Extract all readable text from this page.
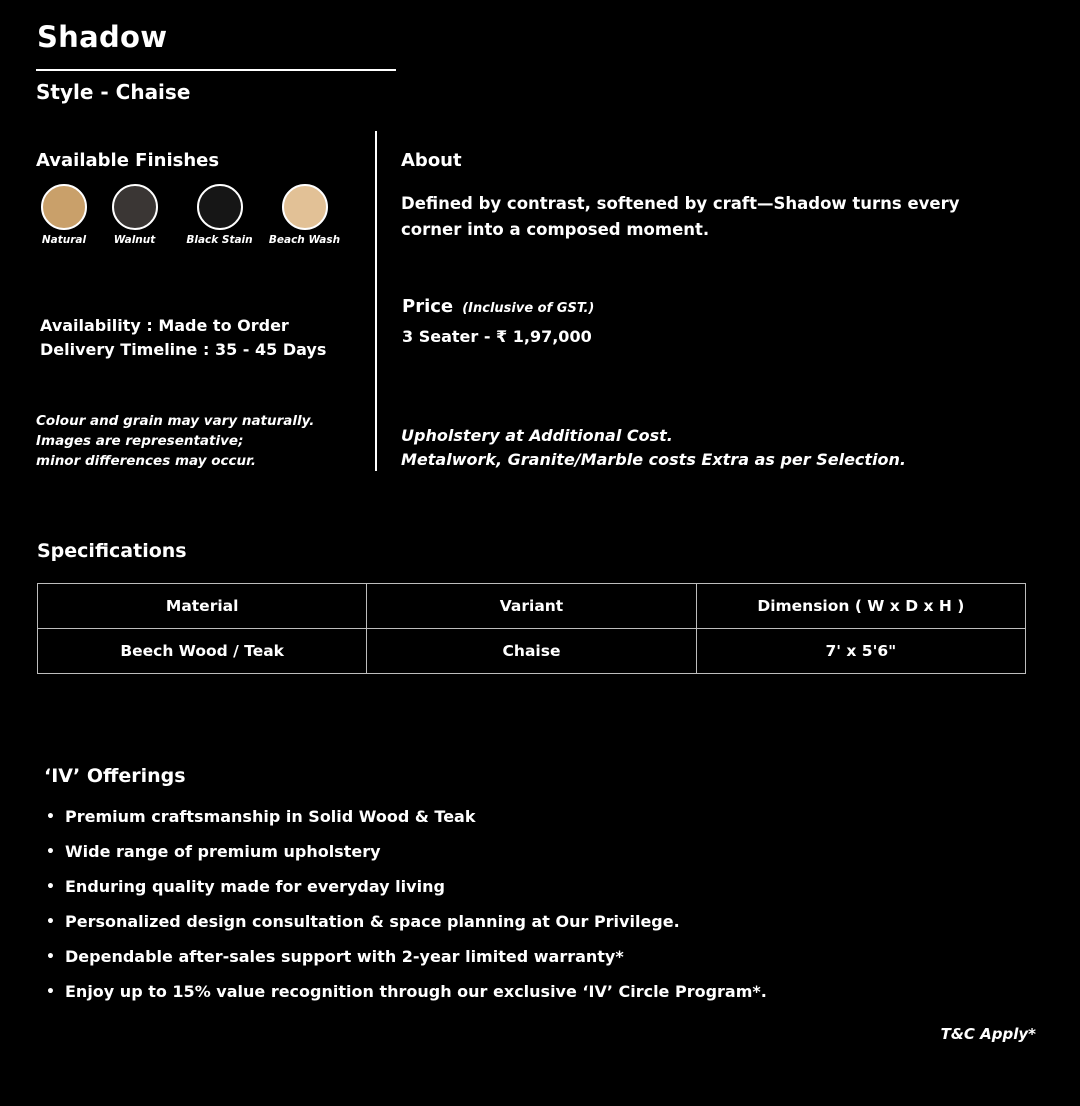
Shadow
Style - Chaise
Available Finishes
Natural	Walnut	Black Stain Beach Wash
Availability : Made to Order
Delivery Timeline : 35 - 45 Days
Colour and grain may vary naturally.
Images are representative;
minor differences may occur.
About
Defined by contrast, softened by craft—Shadow turns every corner into a composed moment.
Price (Inclusive of GST.)
3 Seater - ₹ 1,97,000
Upholstery at Additional Cost.
Metalwork, Granite/Marble costs Extra as per Selection.
Specifications
Material	Variant	Dimension ( W x D x H )
Beech Wood / Teak	Chaise	7' x 5'6"
‘IV’ Offerings
• Premium craftsmanship in Solid Wood & Teak
• Wide range of premium upholstery
• Enduring quality made for everyday living
• Personalized design consultation & space planning at Our Privilege.
• Dependable after-sales support with 2-year limited warranty*
• Enjoy up to 15% value recognition through our exclusive ‘IV’ Circle Program*.
T&C Apply*
